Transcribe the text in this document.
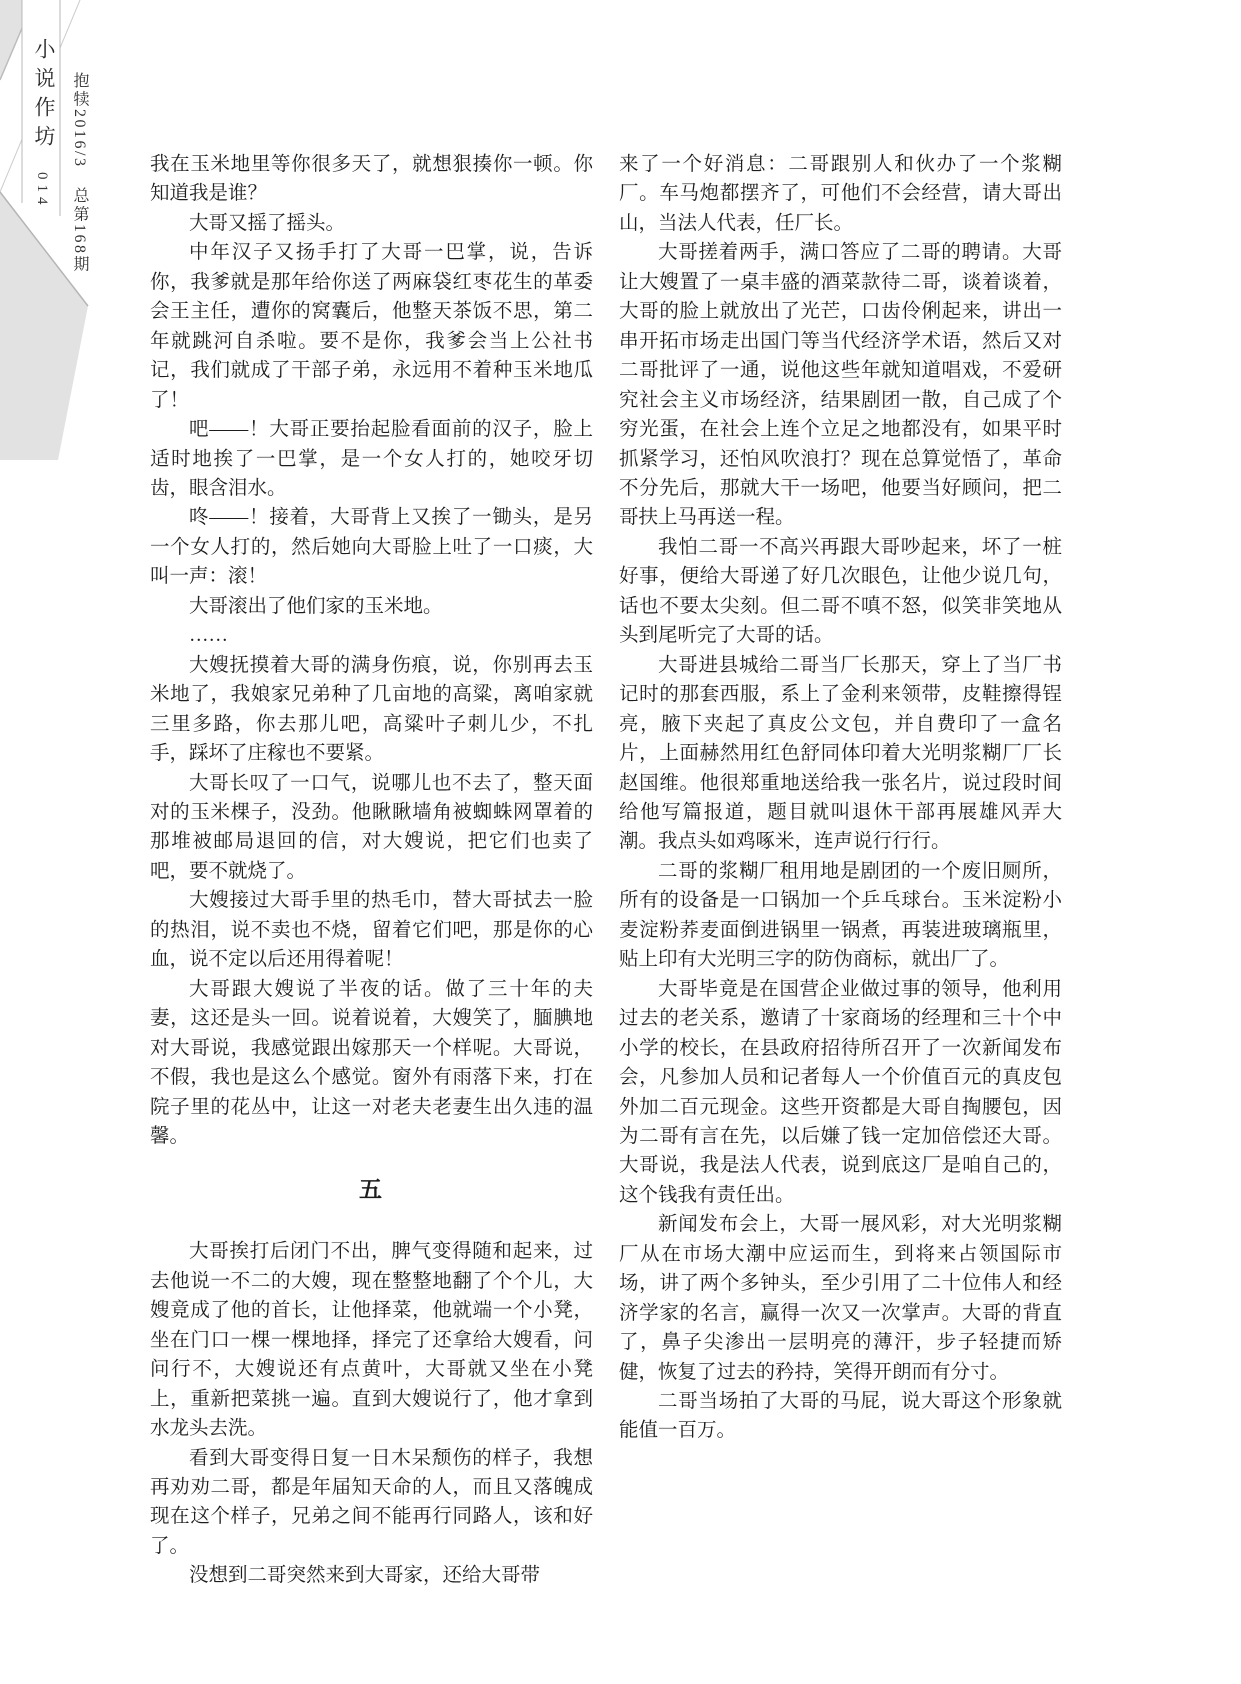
小说作坊
014 抱犊2016/3　总第168期	我在玉米地里等你很多天了，就想狠揍你一顿。你知道我是谁？

大哥又摇了摇头。

中年汉子又扬手打了大哥一巴掌，说，告诉你，我爹就是那年给你送了两麻袋红枣花生的革委会王主任，遭你的窝囊后，他整天茶饭不思，第二年就跳河自杀啦。要不是你，我爹会当上公社书记，我们就成了干部子弟，永远用不着种玉米地瓜了！

吧——！大哥正要抬起脸看面前的汉子，脸上适时地挨了一巴掌，是一个女人打的，她咬牙切齿，眼含泪水。

咚——！接着，大哥背上又挨了一锄头，是另一个女人打的，然后她向大哥脸上吐了一口痰，大叫一声：滚！

大哥滚出了他们家的玉米地。

……

大嫂抚摸着大哥的满身伤痕，说，你别再去玉米地了，我娘家兄弟种了几亩地的高粱，离咱家就三里多路，你去那儿吧，高粱叶子刺儿少，不扎手，踩坏了庄稼也不要紧。

大哥长叹了一口气，说哪儿也不去了，整天面对的玉米棵子，没劲。他瞅瞅墙角被蜘蛛网罩着的那堆被邮局退回的信，对大嫂说，把它们也卖了吧，要不就烧了。

大嫂接过大哥手里的热毛巾，替大哥拭去一脸的热泪，说不卖也不烧，留着它们吧，那是你的心血，说不定以后还用得着呢！

大哥跟大嫂说了半夜的话。做了三十年的夫妻，这还是头一回。说着说着，大嫂笑了，腼腆地对大哥说，我感觉跟出嫁那天一个样呢。大哥说，不假，我也是这么个感觉。窗外有雨落下来，打在院子里的花丛中，让这一对老夫老妻生出久违的温馨。

五

大哥挨打后闭门不出，脾气变得随和起来，过去他说一不二的大嫂，现在整整地翻了个个儿，大嫂竟成了他的首长，让他择菜，他就端一个小凳，坐在门口一棵一棵地择，择完了还拿给大嫂看，问问行不，大嫂说还有点黄叶，大哥就又坐在小凳上，重新把菜挑一遍。直到大嫂说行了，他才拿到水龙头去洗。

看到大哥变得日复一日木呆颓伤的样子，我想再劝劝二哥，都是年届知天命的人，而且又落魄成现在这个样子，兄弟之间不能再行同路人，该和好了。

没想到二哥突然来到大哥家，还给大哥带

来了一个好消息：二哥跟别人和伙办了一个浆糊厂。车马炮都摆齐了，可他们不会经营，请大哥出山，当法人代表，任厂长。

大哥搓着两手，满口答应了二哥的聘请。大哥让大嫂置了一桌丰盛的酒菜款待二哥，谈着谈着，大哥的脸上就放出了光芒，口齿伶俐起来，讲出一串开拓市场走出国门等当代经济学术语，然后又对二哥批评了一通，说他这些年就知道唱戏，不爱研究社会主义市场经济，结果剧团一散，自己成了个穷光蛋，在社会上连个立足之地都没有，如果平时抓紧学习，还怕风吹浪打？现在总算觉悟了，革命不分先后，那就大干一场吧，他要当好顾问，把二哥扶上马再送一程。

我怕二哥一不高兴再跟大哥吵起来，坏了一桩好事，便给大哥递了好几次眼色，让他少说几句，话也不要太尖刻。但二哥不嗔不怒，似笑非笑地从头到尾听完了大哥的话。

大哥进县城给二哥当厂长那天，穿上了当厂书记时的那套西服，系上了金利来领带，皮鞋擦得锃亮，腋下夹起了真皮公文包，并自费印了一盒名片，上面赫然用红色舒同体印着大光明浆糊厂厂长赵国维。他很郑重地送给我一张名片，说过段时间给他写篇报道，题目就叫退休干部再展雄风弄大潮。我点头如鸡啄米，连声说行行行。

二哥的浆糊厂租用地是剧团的一个废旧厕所，所有的设备是一口锅加一个乒乓球台。玉米淀粉小麦淀粉荞麦面倒进锅里一锅煮，再装进玻璃瓶里，贴上印有大光明三字的防伪商标，就出厂了。

大哥毕竟是在国营企业做过事的领导，他利用过去的老关系，邀请了十家商场的经理和三十个中小学的校长，在县政府招待所召开了一次新闻发布会，凡参加人员和记者每人一个价值百元的真皮包外加二百元现金。这些开资都是大哥自掏腰包，因为二哥有言在先，以后嫌了钱一定加倍偿还大哥。大哥说，我是法人代表，说到底这厂是咱自己的，这个钱我有责任出。

新闻发布会上，大哥一展风彩，对大光明浆糊厂从在市场大潮中应运而生，到将来占领国际市场，讲了两个多钟头，至少引用了二十位伟人和经济学家的名言，赢得一次又一次掌声。大哥的背直了，鼻子尖渗出一层明亮的薄汗，步子轻捷而矫健，恢复了过去的矜持，笑得开朗而有分寸。

二哥当场拍了大哥的马屁，说大哥这个形象就能值一百万。
